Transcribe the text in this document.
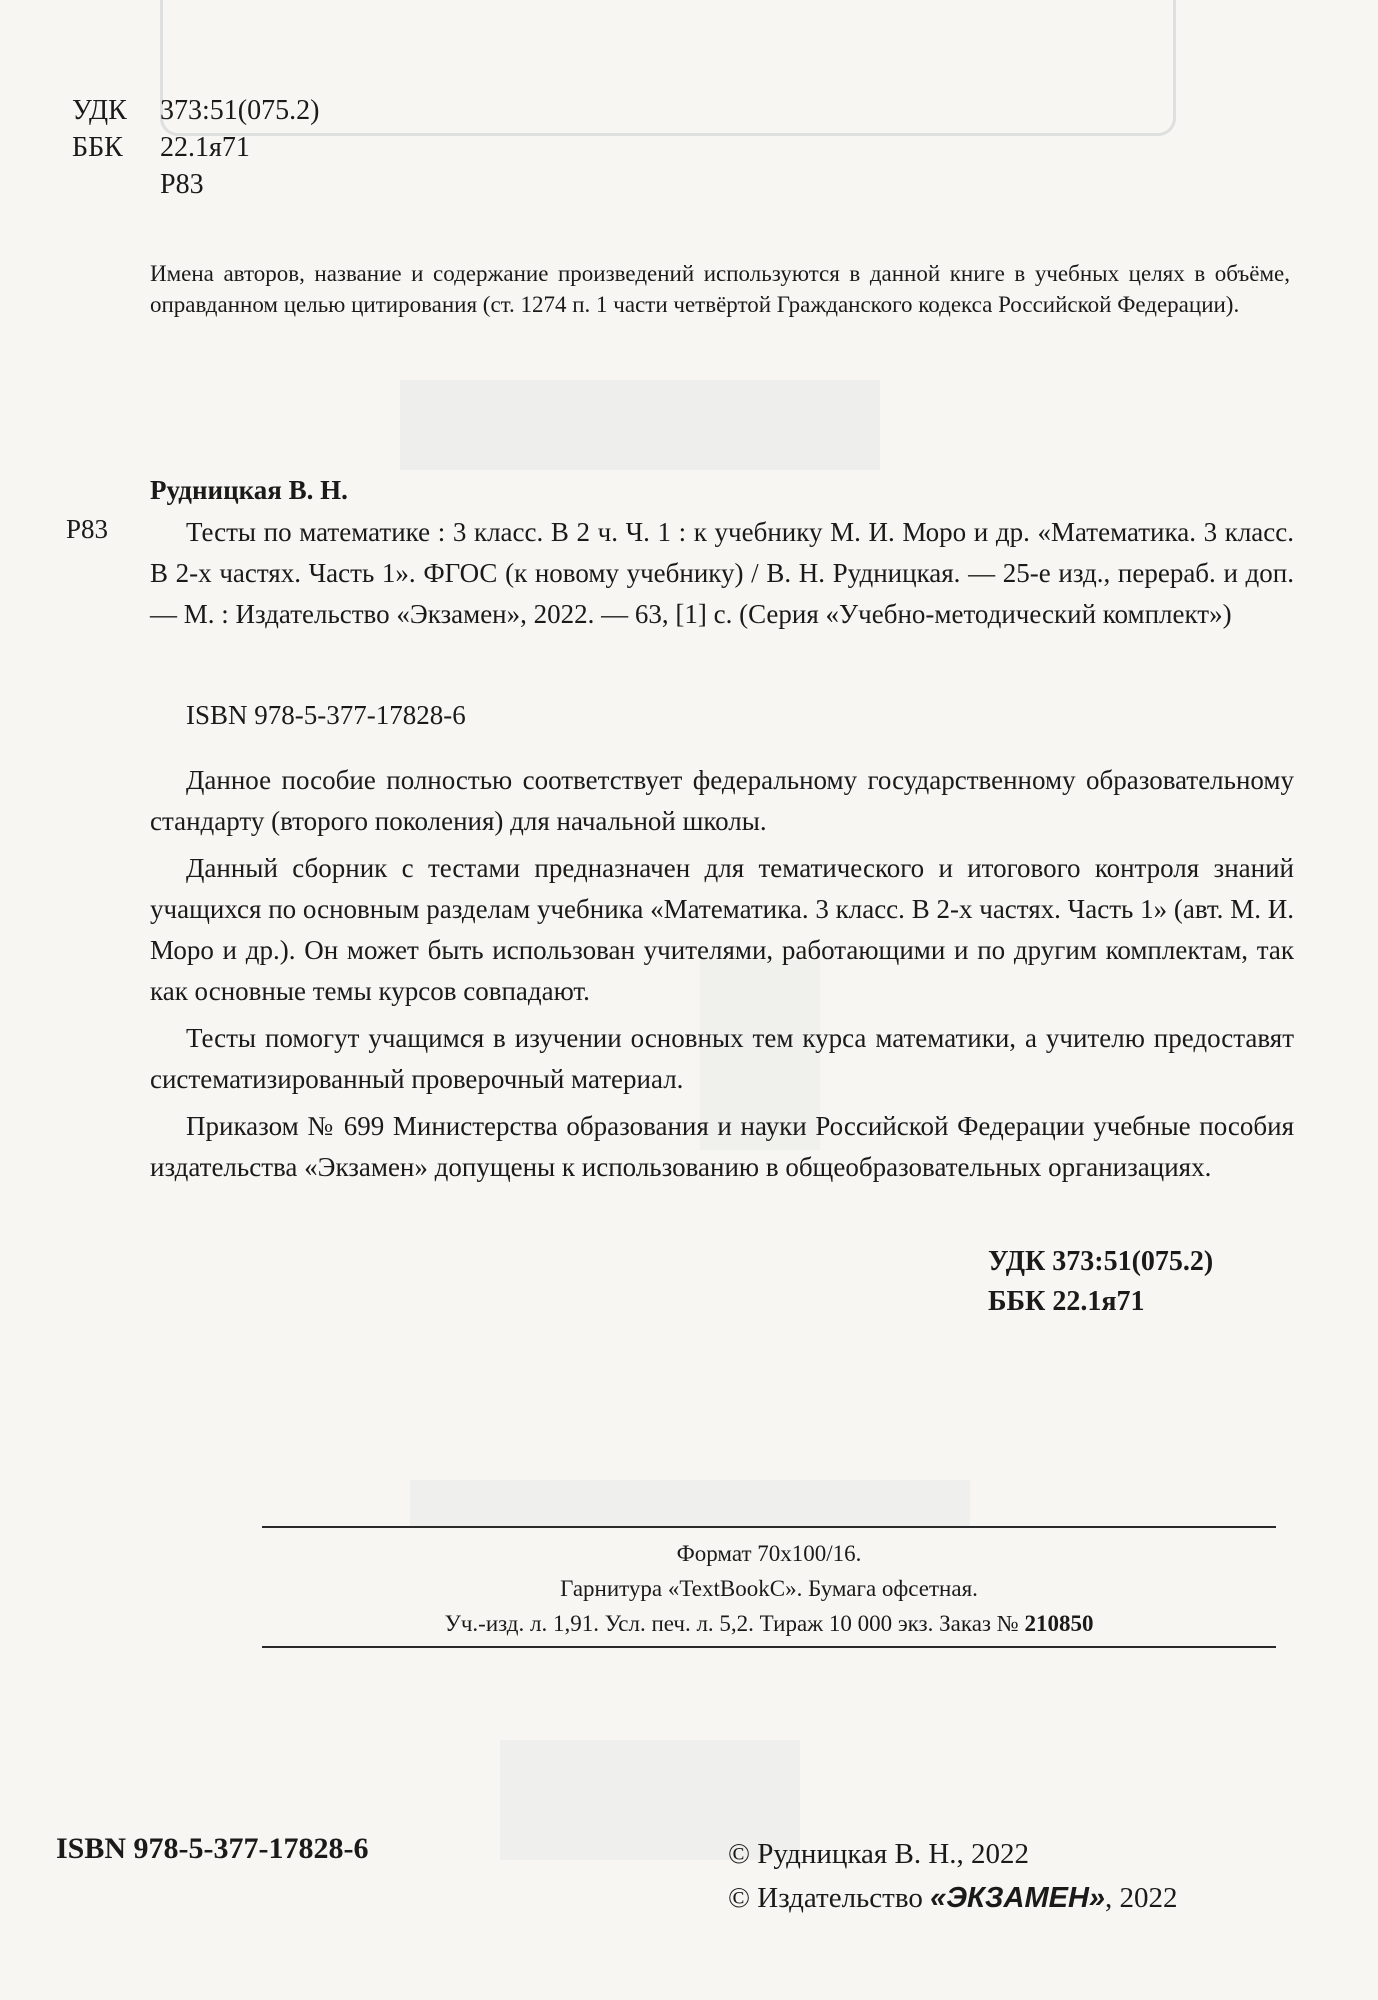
УДК	373:51(075.2)
ББК	22.1я71
Р83
Имена авторов, название и содержание произведений используются в данной книге в учебных целях в объёме, оправданном целью цитирования (ст. 1274 п. 1 части четвёртой Гражданского кодекса Российской Федерации).
Рудницкая В. Н.
Р83	Тесты по математике : 3 класс. В 2 ч. Ч. 1 : к учебнику М. И. Моро и др. «Математика. 3 класс. В 2-х частях. Часть 1». ФГОС (к новому учебнику) / В. Н. Рудницкая. — 25-е изд., перераб. и доп. — М. : Издательство «Экзамен», 2022. — 63, [1] с. (Серия «Учебно-методический комплект»)
ISBN 978-5-377-17828-6

Данное пособие полностью соответствует федеральному государственному образовательному стандарту (второго поколения) для начальной школы.

Данный сборник с тестами предназначен для тематического и итогового контроля знаний учащихся по основным разделам учебника «Математика. 3 класс. В 2-х частях. Часть 1» (авт. М. И. Моро и др.). Он может быть использован учителями, работающими и по другим комплектам, так как основные темы курсов совпадают.

Тесты помогут учащимся в изучении основных тем курса математики, а учителю предоставят систематизированный проверочный материал.

Приказом № 699 Министерства образования и науки Российской Федерации учебные пособия издательства «Экзамен» допущены к использованию в общеобразовательных организациях.

УДК 373:51(075.2)
ББК 22.1я71
Формат 70х100/16.
Гарнитура «TextBookC». Бумага офсетная.
Уч.-изд. л. 1,91. Усл. печ. л. 5,2. Тираж 10 000 экз. Заказ № 210850
ISBN 978-5-377-17828-6	© Рудницкая В. Н., 2022
© Издательство «ЭКЗАМЕН», 2022
